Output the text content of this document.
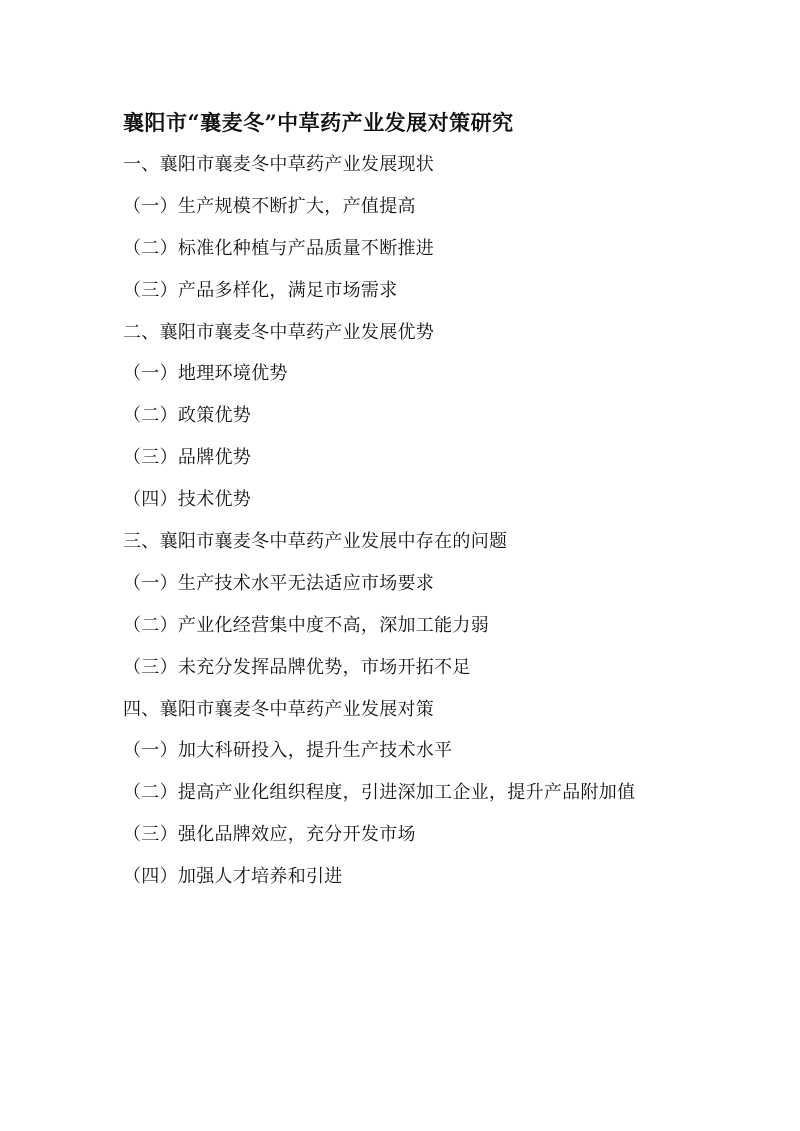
襄阳市“襄麦冬”中草药产业发展对策研究
一、襄阳市襄麦冬中草药产业发展现状
（一）生产规模不断扩大，产值提高
（二）标准化种植与产品质量不断推进
（三）产品多样化，满足市场需求
二、襄阳市襄麦冬中草药产业发展优势
（一）地理环境优势
（二）政策优势
（三）品牌优势
（四）技术优势
三、襄阳市襄麦冬中草药产业发展中存在的问题
（一）生产技术水平无法适应市场要求
（二）产业化经营集中度不高，深加工能力弱
（三）未充分发挥品牌优势，市场开拓不足
四、襄阳市襄麦冬中草药产业发展对策
（一）加大科研投入，提升生产技术水平
（二）提高产业化组织程度，引进深加工企业，提升产品附加值
（三）强化品牌效应，充分开发市场
（四）加强人才培养和引进
